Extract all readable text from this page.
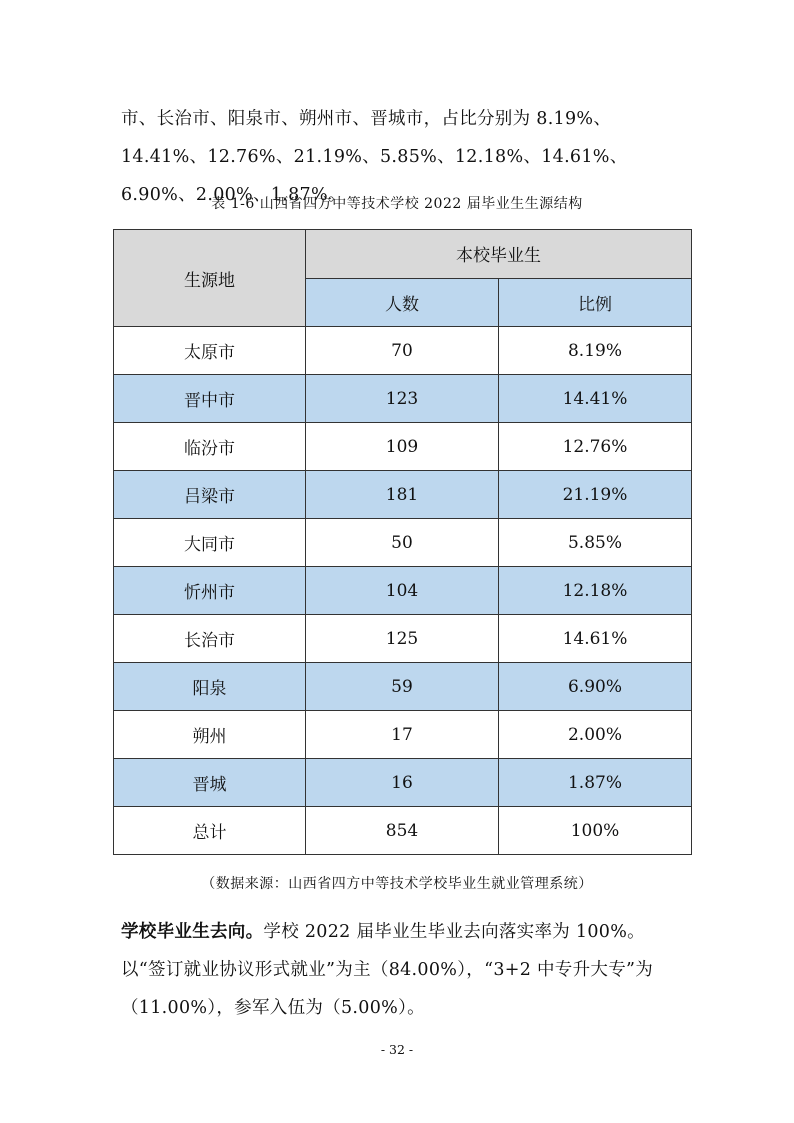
市、长治市、阳泉市、朔州市、晋城市，占比分别为 8.19%、14.41%、12.76%、21.19%、5.85%、12.18%、14.61%、6.90%、2.00%、1.87%。

表 1-6 山西省四方中等技术学校 2022 届毕业生生源结构
生源地	本校毕业生	
	人数	比例
太原市	70	8.19%
晋中市	123	14.41%
临汾市	109	12.76%
吕梁市	181	21.19%
大同市	50	5.85%
忻州市	104	12.18%
长治市	125	14.61%
阳泉	59	6.90%
朔州	17	2.00%
晋城	16	1.87%
总计	854	100%
（数据来源：山西省四方中等技术学校毕业生就业管理系统）

学校毕业生去向。学校 2022 届毕业生毕业去向落实率为 100%。以“签订就业协议形式就业”为主（84.00%），“3+2 中专升大专”为（11.00%），参军入伍为（5.00%）。

- 32 -
